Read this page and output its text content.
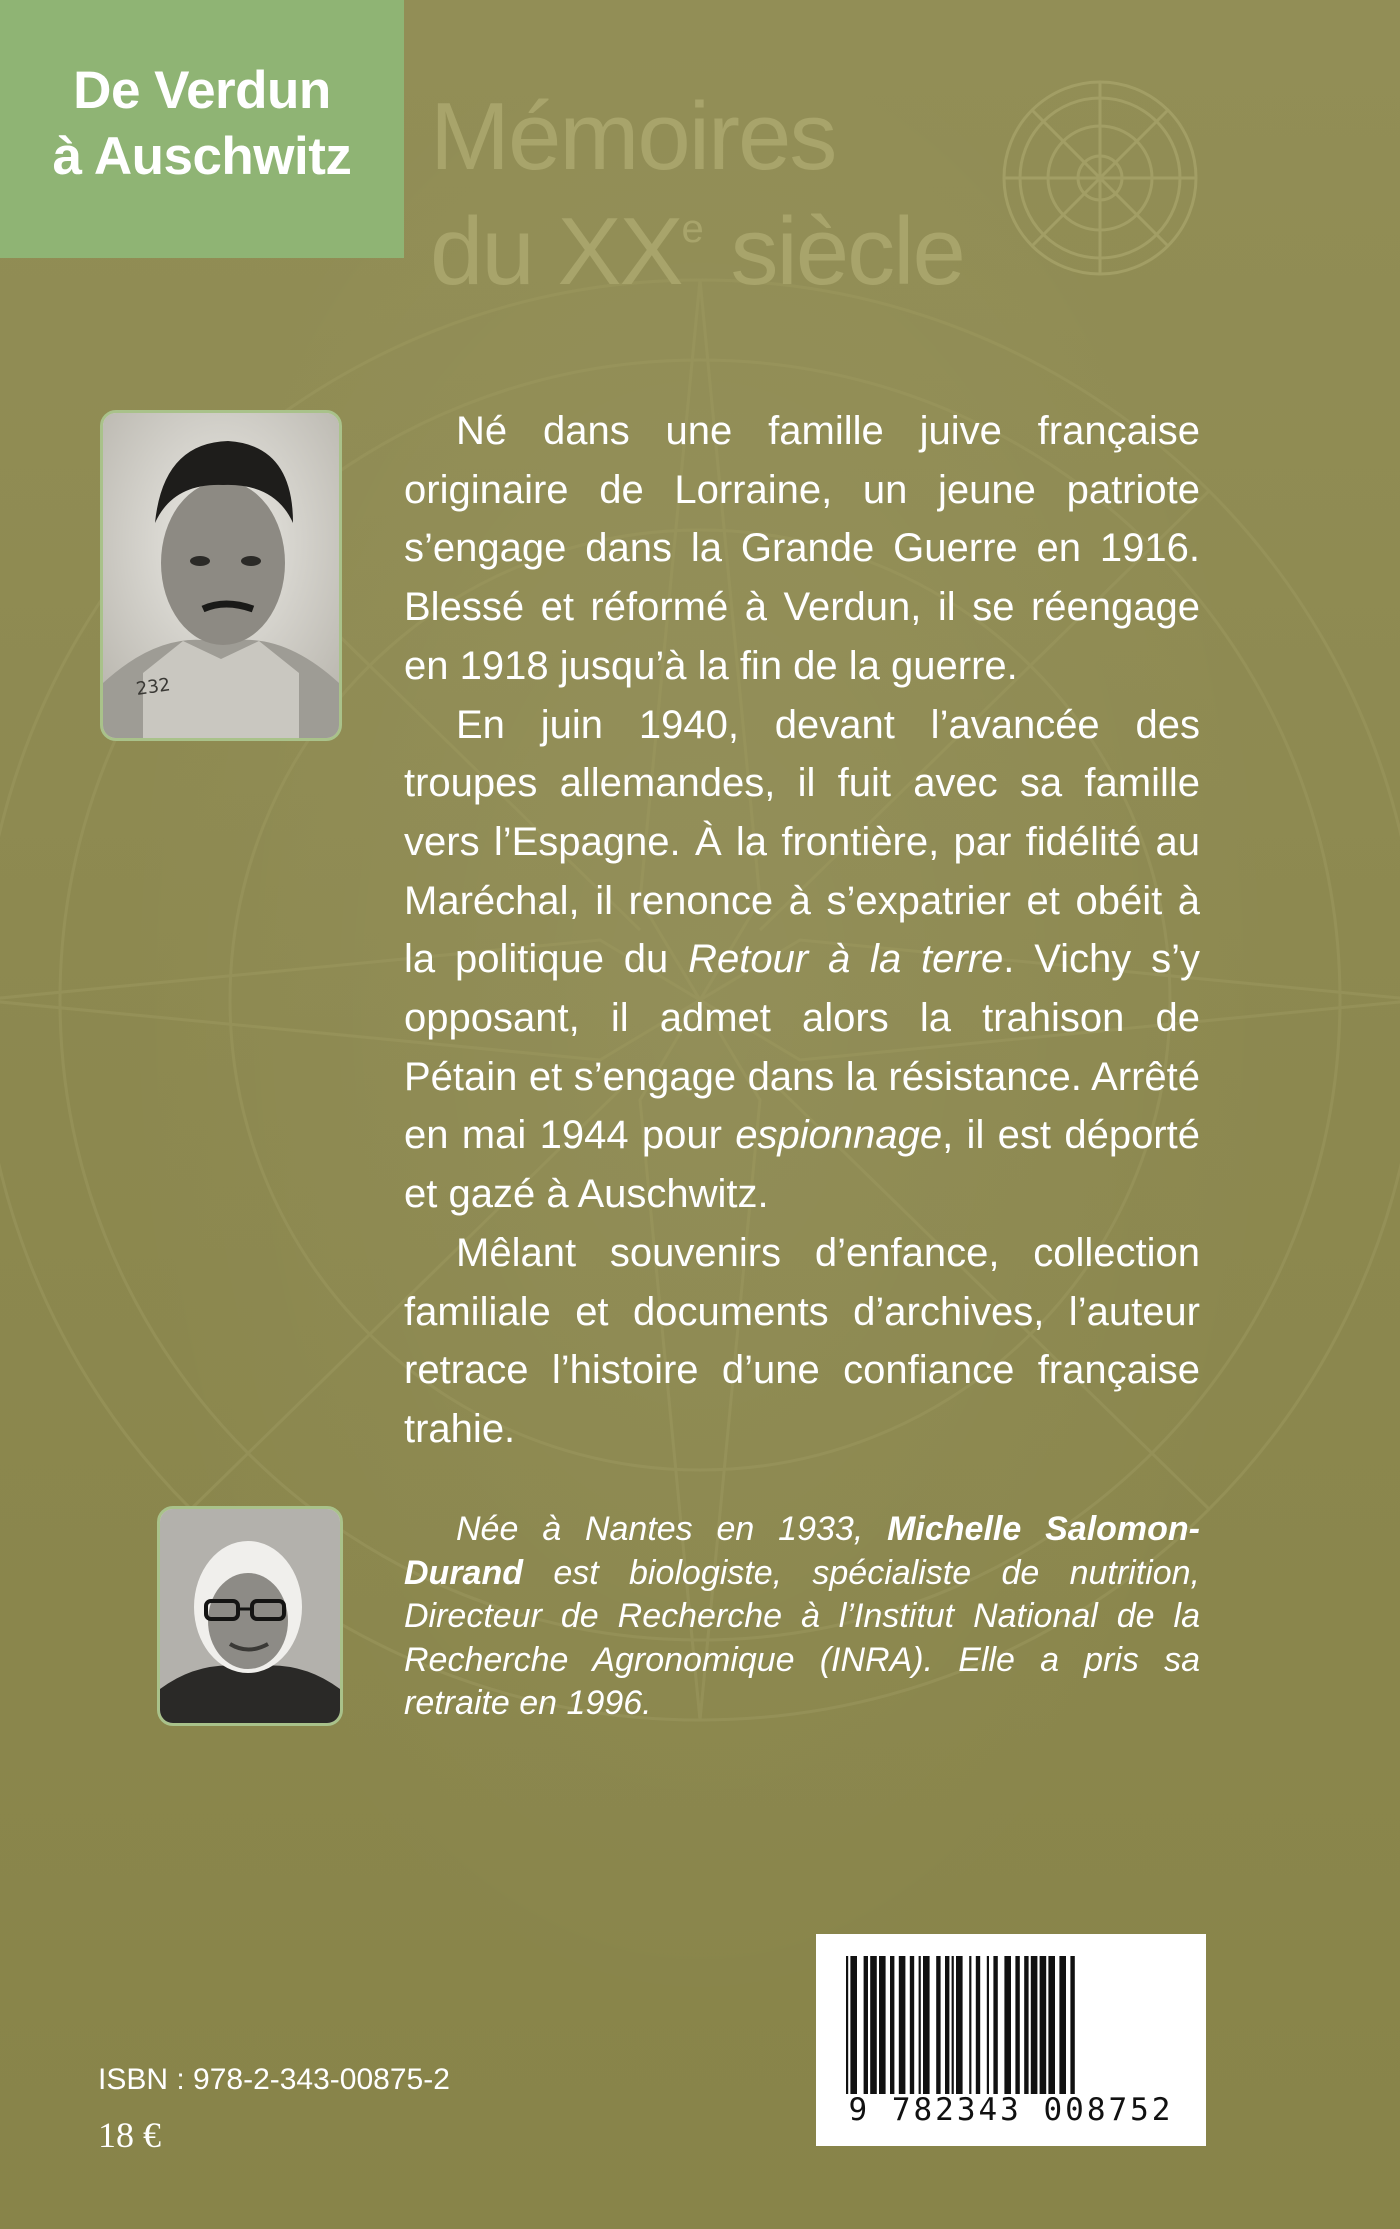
De Verdun
à Auschwitz Mémoires
du XXe siècle
232

Né dans une famille juive française originaire de Lorraine, un jeune patriote s’engage dans la Grande Guerre en 1916. Blessé et réformé à Verdun, il se réengage en 1918 jusqu’à la fin de la guerre.

En juin 1940, devant l’avancée des troupes allemandes, il fuit avec sa famille vers l’Espagne. À la frontière, par fidélité au Maréchal, il renonce à s’expatrier et obéit à la politique du Retour à la terre. Vichy s’y opposant, il admet alors la trahison de Pétain et s’engage dans la résistance. Arrêté en mai 1944 pour espionnage, il est déporté et gazé à Auschwitz.

Mêlant souvenirs d’enfance, collection familiale et documents d’archives, l’auteur retrace l’histoire d’une confiance française trahie.

Née à Nantes en 1933, Michelle Salomon-Durand est biologiste, spécialiste de nutrition, Directeur de Recherche à l’Institut National de la Recherche Agronomique (INRA). Elle a pris sa retraite en 1996.
ISBN : 978-2-343-00875-2
18 €
9 782343 008752
